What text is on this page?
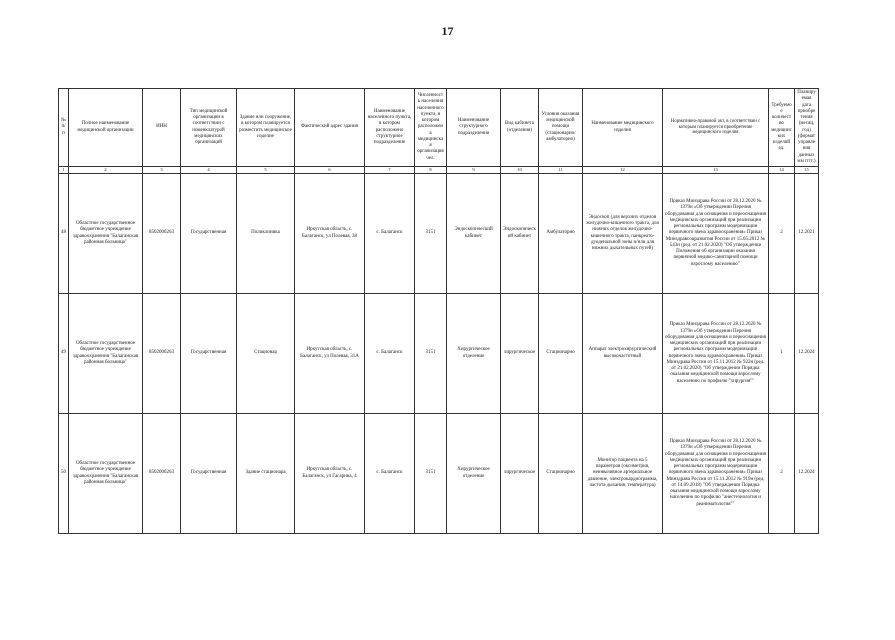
17
№ п/п	Полное наименование медицинской организации	ИНН	Тип медицинской организации в соответствии с номенклатурой медицинских организаций	Здание или сооружение, в котором планируется разместить медицинское изделие	Фактический адрес здания	Наименование населенного пункта, в котором расположено структурное подразделение	Численность населения населенного пункта, в котором расположена медицинская организация чел.	Наименование структурного подразделения	Вид кабинета (отделения)	Условия оказания медицинской помощи (стационарно/амбулаторно)	Наименование медицинского изделия	Нормативно-правовой акт, в соответствии с которым планируется приобретение медицинского изделия	Требуемое количество медицинских изделий ед.	Планируемая дата приобретения (месяц, год) (формат управления данных мм гггг.)
1	2	3	4	5	6	7	8	9	10	11	12	13	14	15
48	Областное государственное бюджетное учреждение здравоохранения "Балаганская районная больница"	8502000263	Государственная	Поликлиника	Иркутская область, с. Балаганск, ул Полевая, 38	с. Балаганск	3151	Эндоскопический кабинет	Эндоскопический кабинет	Амбулаторно	Эндоскоп (для верхних отделов желудочно-кишечного тракта, для нижних отделов желудочно-кишечного тракта, панкреато-дуоденальной зоны и/или для нижних дыхательных путей)	Приказ Минздрава России от 28.12.2020 № 1379н «Об утверждении Перечня оборудования для оснащения и переоснащения медицинских организаций при реализации региональных программ модернизации первичного звена здравоохранения» Приказ Минздравсоцразвития России от 15.05.2012 № 543н (ред. от 21.02.2020) "Об утверждении Положения об организации оказания первичной медико-санитарной помощи взрослому населению"	2	12.2021
49	Областное государственное бюджетное учреждение здравоохранения "Балаганская районная больница"	8502000263	Государственная	Стационар	Иркутская область, с. Балаганск, ул Полевая, 31А	с. Балаганск	3151	Хирургическое отделение	хирургическое	Стационарно	Аппарат электрохирургический высокочастотный	Приказ Минздрава России от 28.12.2020 № 1379н «Об утверждении Перечня оборудования для оснащения и переоснащения медицинских организаций при реализации региональных программ модернизации первичного звена здравоохранения» Приказ Минздрава России от 15.11.2012 № 922н (ред. от 21.02.2020) "Об утверждении Порядка оказания медицинской помощи взрослому населению по профилю "хирургия""	1	12.2024
50	Областное государственное бюджетное учреждение здравоохранения "Балаганская районная больница"	8502000263	Государственная	Здание стационара	Иркутская область, с. Балаганск, ул Гагарина, 4	с. Балаганск	3151	Хирургическое отделение	хирургическое	Стационарно	Монитор пациента на 5 параметров (оксиметрия, неинвазивное артериальное давление, электрокардиограмма, частота дыхания, температура)	Приказ Минздрава России от 28.12.2020 № 1379н «Об утверждении Перечня оборудования для оснащения и переоснащения медицинских организаций при реализации региональных программ модернизации первичного звена здравоохранения» Приказ Минздрава России от 15.11.2012 № 919н (ред. от 14.09.2018) "Об утверждении Порядка оказания медицинской помощи взрослому населению по профилю "анестезиология и реаниматология""	2	12.2024
